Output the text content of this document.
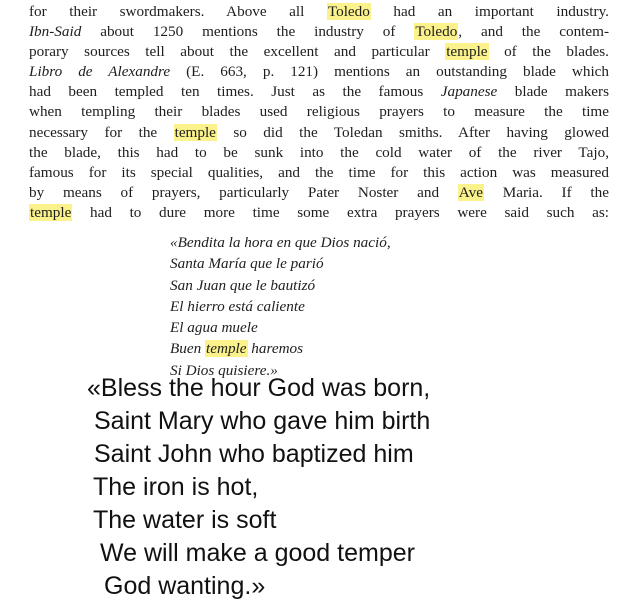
for their swordmakers. Above all Toledo had an important industry.
Ibn-Said about 1250 mentions the industry of Toledo, and the contem-
porary sources tell about the excellent and particular temple of the blades.
Libro de Alexandre (E. 663, p. 121) mentions an outstanding blade which
had been templed ten times. Just as the famous Japanese blade makers
when templing their blades used religious prayers to measure the time
necessary for the temple so did the Toledan smiths. After having glowed
the blade, this had to be sunk into the cold water of the river Tajo,
famous for its special qualities, and the time for this action was measured
by means of prayers, particularly Pater Noster and Ave Maria. If the
temple had to dure more time some extra prayers were said such as:
«Bendita la hora en que Dios nació,
Santa María que le parió
San Juan que le bautizó
El hierro está caliente
El agua muele
Buen temple haremos
Si Dios quisiere.»
«Bless the hour God was born,
Saint Mary who gave him birth
Saint John who baptized him
The iron is hot,
The water is soft
We will make a good temper
God wanting.»
